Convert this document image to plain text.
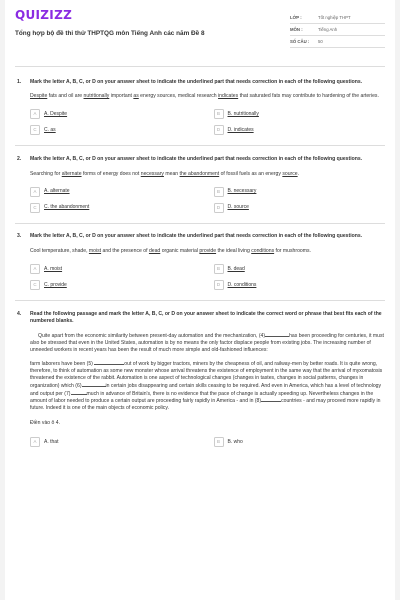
QUIZIZZ
Tổng hợp bộ đề thi thử THPTQG môn Tiếng Anh các năm Đề 8
LỚP :	Tốt nghiệp THPT
MÔN :	Tiếng Anh
SỐ CÂU :	50
1. Mark the letter A, B, C, or D on your answer sheet to indicate the underlined part that needs correction in each of the following questions.
Despite fats and oil are nutritionally important as energy sources, medical research indicates that saturated fats may contribute to hardening of the arteries.
A	A. Despite	B	B. nutritionally
C	C. as	D	D. indicates
2. Mark the letter A, B, C, or D on your answer sheet to indicate the underlined part that needs correction in each of the following questions.
Searching for alternate forms of energy does not necessary mean the abandonment of fossil fuels as an energy source.
A	A. alternate	B	B. necessary
C	C. the abandonment	D	D. source
3. Mark the letter A, B, C, or D on your answer sheet to indicate the underlined part that needs correction in each of the following questions.
Cool temperature, shade, moist and the presence of dead organic material provide the ideal living conditions for mushrooms.
A	A. moist	B	B. dead
C	C. provide	D	D. conditions
4. Read the following passage and mark the letter A, B, C, or D on your answer sheet to indicate the correct word or phrase that best fits each of the numbered blanks.
Quite apart from the economic similarity between present-day automation and the mechanization, (4)	has been proceeding for centuries, it must also be stressed that even in the United States, automation is by no means the only factor displace people from existing jobs. The increasing number of unneeded workers in recent years has been the result of much more simple and old-fashioned influences:
farm laborers have been (5)	out of work by bigger tractors, miners by the cheapness of oil, and railway-men by better roads. It is quite wrong, therefore, to think of automation as some new monster whose arrival threatens the existence of employment in the same way that the arrival of myxomatosis threatened the existence of the rabbit. Automation is one aspect of technological changes (changes in tastes, changes in social patterns, changes in organization) which (6)	in certain jobs disappearing and certain skills ceasing to be required. And even in America, which has a level of technology and output per (7)	much in advance of Britain's, there is no evidence that the pace of change is actually speeding up. Nevertheless changes in the amount of labor needed to produce a certain output are proceeding fairly rapidly in America - and in (8)	countries - and may proceed more rapidly in future. Indeed it is one of the main objects of economic policy.
Điền vào ô 4.
A	A. that	B	B. who
